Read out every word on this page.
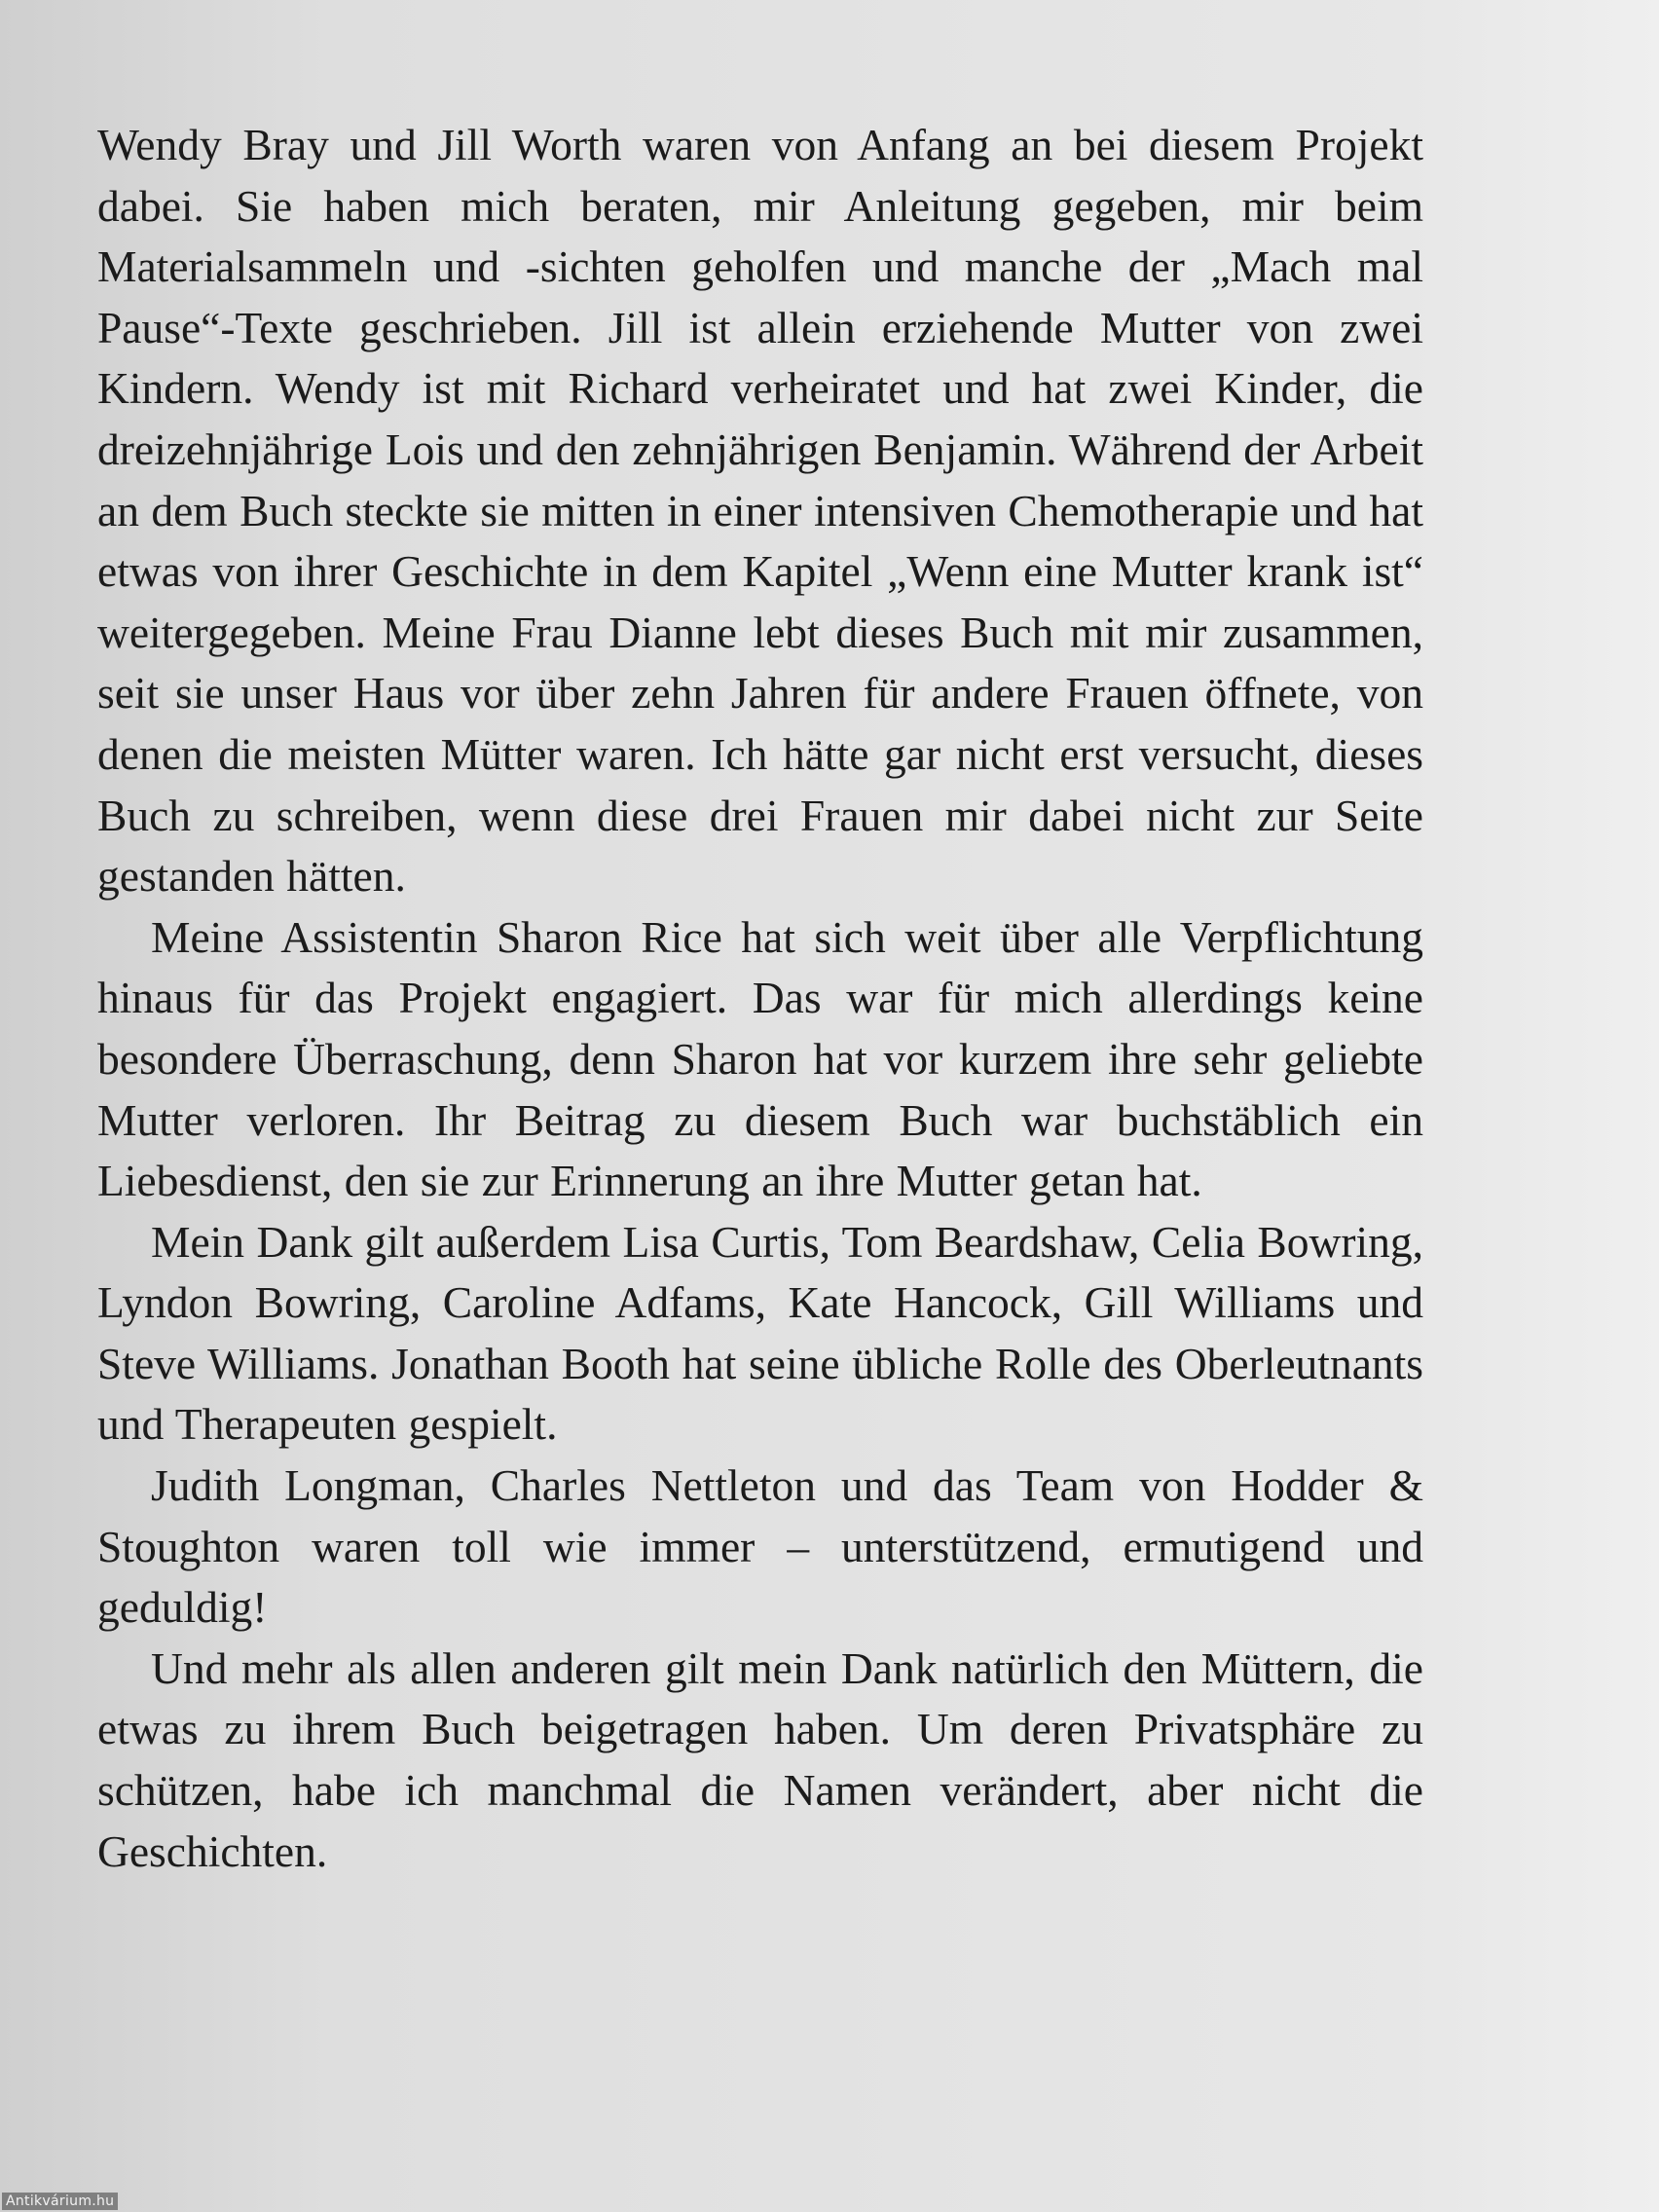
Wendy Bray und Jill Worth waren von Anfang an bei diesem Projekt dabei. Sie haben mich beraten, mir Anleitung gegeben, mir beim Materialsammeln und -sichten geholfen und manche der „Mach mal Pause“-Texte geschrieben. Jill ist allein erziehende Mutter von zwei Kindern. Wendy ist mit Richard verheiratet und hat zwei Kinder, die dreizehnjährige Lois und den zehnjährigen Benjamin. Während der Arbeit an dem Buch steckte sie mitten in einer intensiven Chemotherapie und hat etwas von ihrer Geschichte in dem Kapitel „Wenn eine Mutter krank ist“ weitergegeben. Meine Frau Dianne lebt dieses Buch mit mir zusammen, seit sie unser Haus vor über zehn Jahren für andere Frauen öffnete, von denen die meisten Mütter waren. Ich hätte gar nicht erst versucht, dieses Buch zu schreiben, wenn diese drei Frauen mir dabei nicht zur Seite gestanden hätten.

Meine Assistentin Sharon Rice hat sich weit über alle Verpflichtung hinaus für das Projekt engagiert. Das war für mich allerdings keine besondere Überraschung, denn Sharon hat vor kurzem ihre sehr geliebte Mutter verloren. Ihr Beitrag zu diesem Buch war buchstäblich ein Liebesdienst, den sie zur Erinnerung an ihre Mutter getan hat.

Mein Dank gilt außerdem Lisa Curtis, Tom Beardshaw, Celia Bowring, Lyndon Bowring, Caroline Adfams, Kate Hancock, Gill Williams und Steve Williams. Jonathan Booth hat seine übliche Rolle des Oberleutnants und Therapeuten gespielt.

Judith Longman, Charles Nettleton und das Team von Hodder & Stoughton waren toll wie immer – unterstützend, ermutigend und geduldig!

Und mehr als allen anderen gilt mein Dank natürlich den Müttern, die etwas zu ihrem Buch beigetragen haben. Um deren Privatsphäre zu schützen, habe ich manchmal die Namen verändert, aber nicht die Geschichten.

Antikvárium.hu
